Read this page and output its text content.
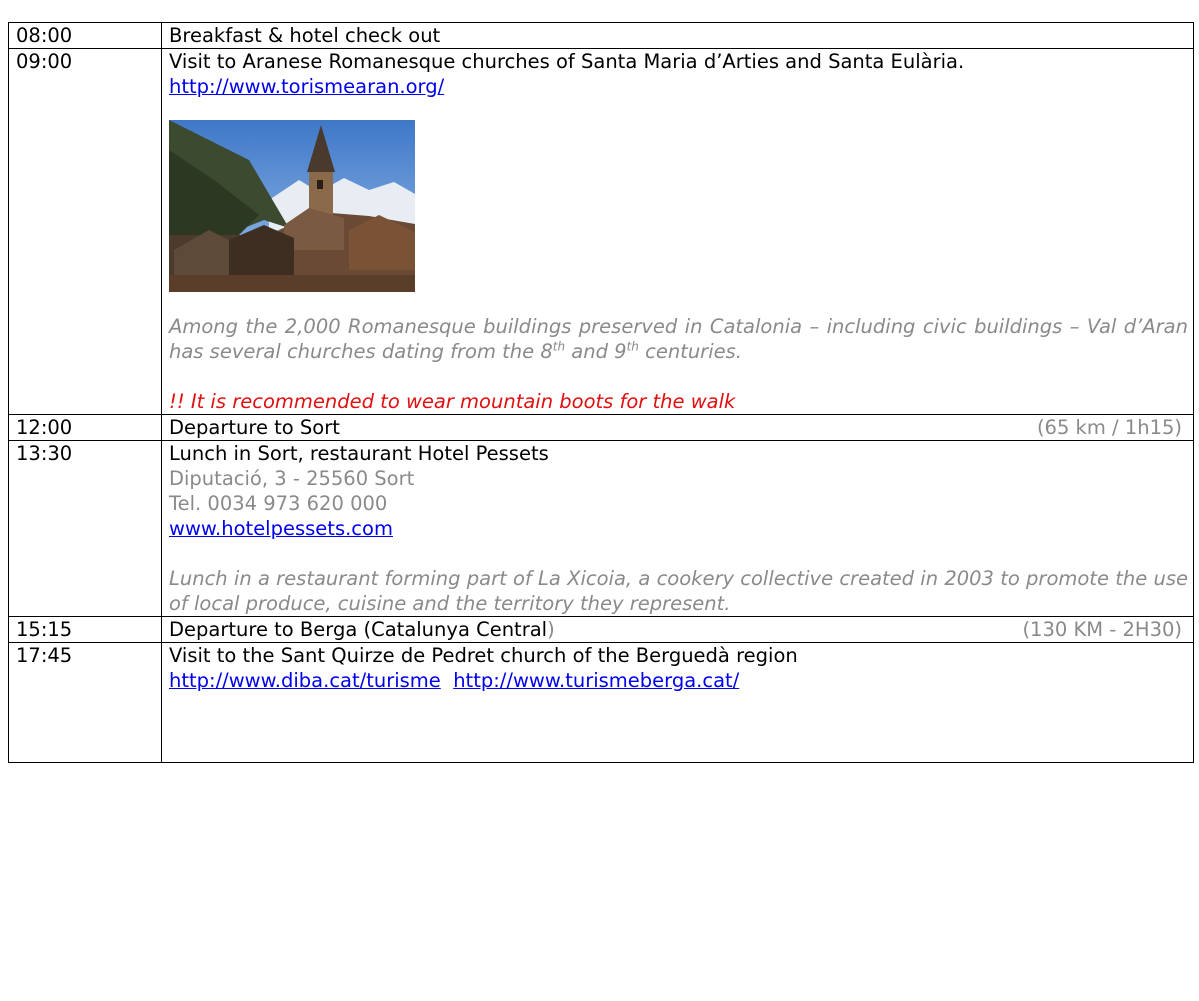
08:00	Breakfast & hotel check out
09:00	Visit to Aranese Romanesque churches of Santa Maria d’Arties and Santa Eulària. http://www.torismearan.org/
Among the 2,000 Romanesque buildings preserved in Catalonia – including civic buildings – Val d’Aran has several churches dating from the 8th and 9th centuries.
!! It is recommended to wear mountain boots for the walk

12:00	Departure to Sort (65 km / 1h15)

13:30	Lunch in Sort, restaurant Hotel Pessets
Diputació, 3 - 25560 Sort
Tel. 0034 973 620 000
www.hotelpessets.com
Lunch in a restaurant forming part of La Xicoia, a cookery collective created in 2003 to promote the use of local produce, cuisine and the territory they represent.

15:15	Departure to Berga (Catalunya Central) (130 KM - 2H30)

17:45	Visit to the Sant Quirze de Pedret church of the Berguedà region
http://www.diba.cat/turisme http://www.turismeberga.cat/
